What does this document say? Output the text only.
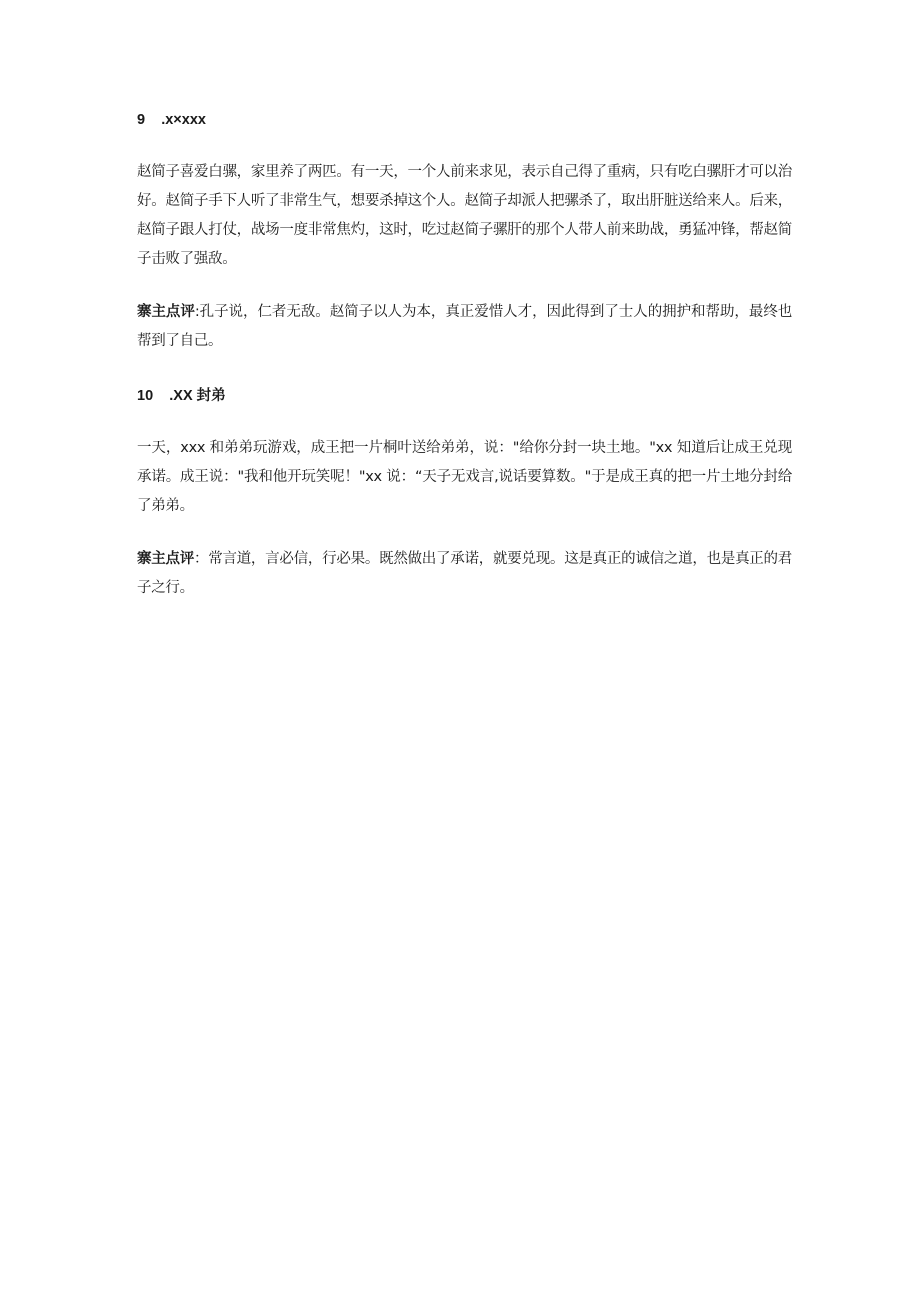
9 .x×xxx

赵简子喜爱白骡，家里养了两匹。有一天，一个人前来求见，表示自己得了重病，只有吃白骡肝才可以治好。赵简子手下人听了非常生气，想要杀掉这个人。赵简子却派人把骡杀了，取出肝脏送给来人。后来，赵简子跟人打仗，战场一度非常焦灼，这时，吃过赵简子骡肝的那个人带人前来助战，勇猛冲锋，帮赵简子击败了强敌。

寨主点评:孔子说，仁者无敌。赵简子以人为本，真正爱惜人才，因此得到了士人的拥护和帮助，最终也帮到了自己。

10 .XX 封弟

一天，xxx 和弟弟玩游戏，成王把一片桐叶送给弟弟，说："给你分封一块土地。"xx 知道后让成王兑现承诺。成王说："我和他开玩笑呢！"xx 说：“天子无戏言,说话要算数。"于是成王真的把一片土地分封给了弟弟。

寨主点评：常言道，言必信，行必果。既然做出了承诺，就要兑现。这是真正的诚信之道，也是真正的君子之行。
